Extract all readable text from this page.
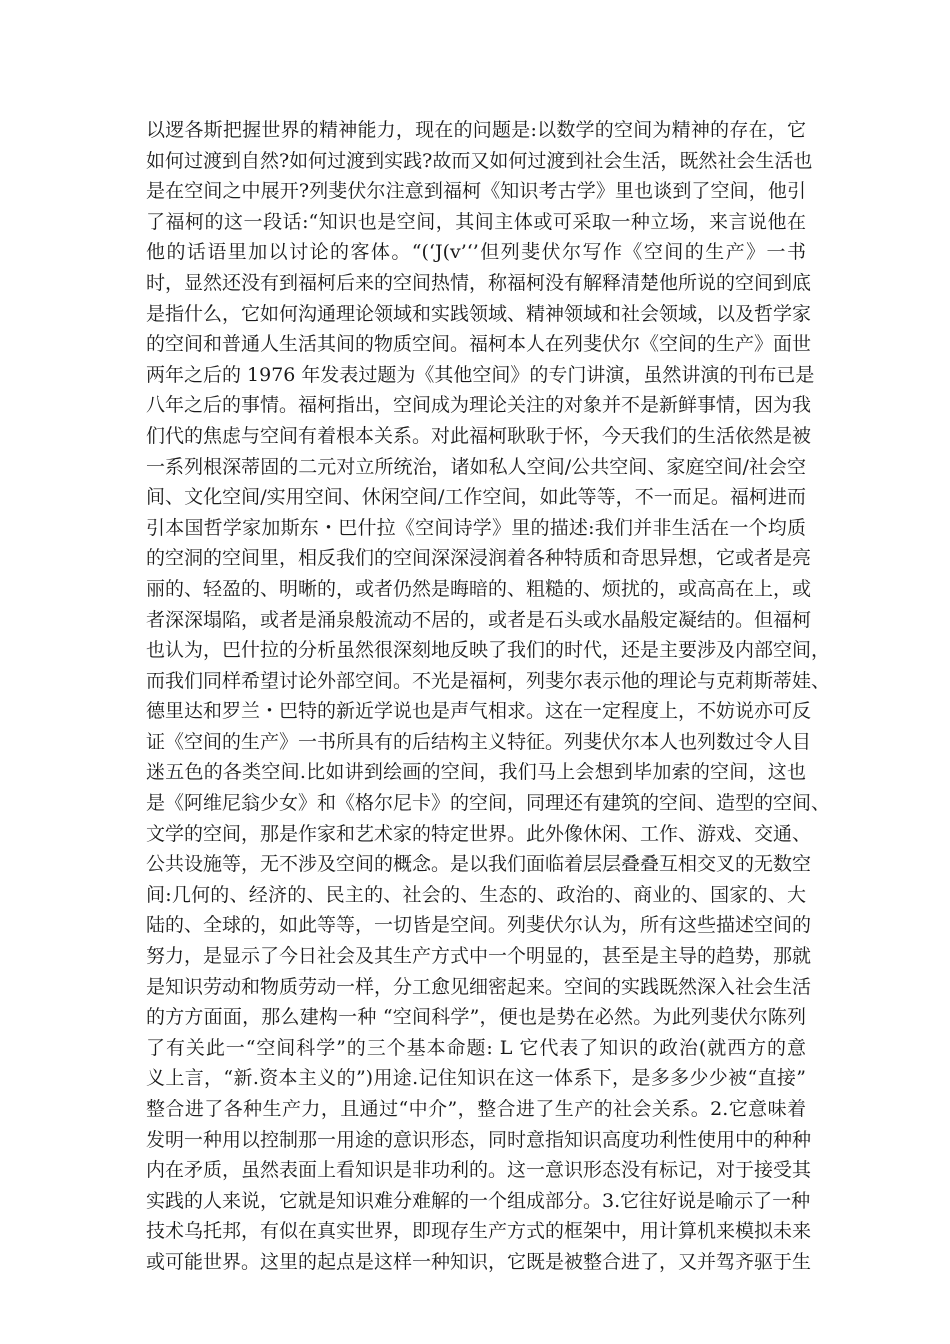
以逻各斯把握世界的精神能力，现在的问题是:以数学的空间为精神的存在，它
如何过渡到自然?如何过渡到实践?故而又如何过渡到社会生活，既然社会生活也
是在空间之中展开?列斐伏尔注意到福柯《知识考古学》里也谈到了空间，他引
了福柯的这一段话:“知识也是空间，其间主体或可采取一种立场，来言说他在
他的话语里加以讨论的客体。“(‘J(v’‘’但列斐伏尔写作《空间的生产》一书
时，显然还没有到福柯后来的空间热情，称福柯没有解释清楚他所说的空间到底
是指什么，它如何沟通理论领域和实践领域、精神领域和社会领域，以及哲学家
的空间和普通人生活其间的物质空间。福柯本人在列斐伏尔《空间的生产》面世
两年之后的 1976 年发表过题为《其他空间》的专门讲演，虽然讲演的刊布已是
八年之后的事情。福柯指出，空间成为理论关注的对象并不是新鲜事情，因为我
们代的焦虑与空间有着根本关系。对此福柯耿耿于怀，今天我们的生活依然是被
一系列根深蒂固的二元对立所统治，诸如私人空间/公共空间、家庭空间/社会空
间、文化空间/实用空间、休闲空间/工作空间，如此等等，不一而足。福柯进而
引本国哲学家加斯东・巴什拉《空间诗学》里的描述:我们并非生活在一个均质
的空洞的空间里，相反我们的空间深深浸润着各种特质和奇思异想，它或者是亮
丽的、轻盈的、明晰的，或者仍然是晦暗的、粗糙的、烦扰的，或高高在上，或
者深深塌陷，或者是涌泉般流动不居的，或者是石头或水晶般定凝结的。但福柯
也认为，巴什拉的分析虽然很深刻地反映了我们的时代，还是主要涉及内部空间，
而我们同样希望讨论外部空间。不光是福柯，列斐尔表示他的理论与克莉斯蒂娃、
德里达和罗兰・巴特的新近学说也是声气相求。这在一定程度上，不妨说亦可反
证《空间的生产》一书所具有的后结构主义特征。列斐伏尔本人也列数过令人目
迷五色的各类空间.比如讲到绘画的空间，我们马上会想到毕加索的空间，这也
是《阿维尼翁少女》和《格尔尼卡》的空间，同理还有建筑的空间、造型的空间、
文学的空间，那是作家和艺术家的特定世界。此外像休闲、工作、游戏、交通、
公共设施等，无不涉及空间的概念。是以我们面临着层层叠叠互相交叉的无数空
间:几何的、经济的、民主的、社会的、生态的、政治的、商业的、国家的、大
陆的、全球的，如此等等，一切皆是空间。列斐伏尔认为，所有这些描述空间的
努力，是显示了今日社会及其生产方式中一个明显的，甚至是主导的趋势，那就
是知识劳动和物质劳动一样，分工愈见细密起来。空间的实践既然深入社会生活
的方方面面，那么建构一种 “空间科学”，便也是势在必然。为此列斐伏尔陈列
了有关此一“空间科学”的三个基本命题: L 它代表了知识的政治(就西方的意
义上言，“新.资本主义的”)用途.记住知识在这一体系下，是多多少少被“直接”
整合进了各种生产力，且通过“中介”，整合进了生产的社会关系。2.它意味着
发明一种用以控制那一用途的意识形态，同时意指知识高度功利性使用中的种种
内在矛质，虽然表面上看知识是非功利的。这一意识形态没有标记，对于接受其
实践的人来说，它就是知识难分难解的一个组成部分。3.它往好说是喻示了一种
技术乌托邦，有似在真实世界，即现存生产方式的框架中，用计算机来模拟未来
或可能世界。这里的起点是这样一种知识，它既是被整合进了，又并驾齐驱于生
